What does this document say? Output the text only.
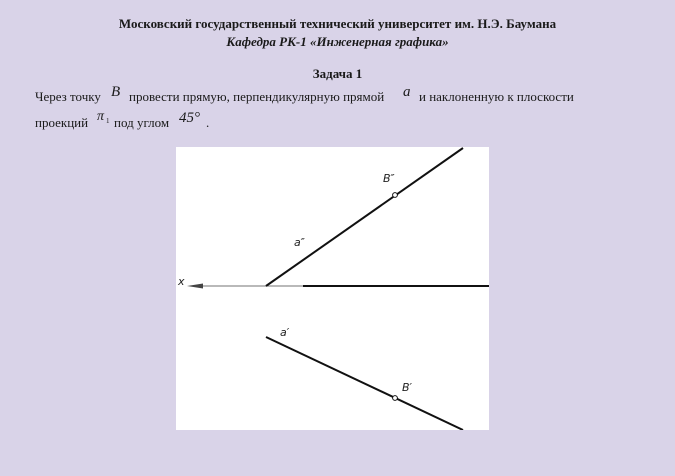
Московский государственный технический университет им. Н.Э. Баумана
Кафедра РК-1 «Инженерная графика»
Задача 1
Через точку B провести прямую, перпендикулярную прямой a и наклоненную к плоскости
проекций π 1 под углом 45° .
x
a″
B″
a′
B′
